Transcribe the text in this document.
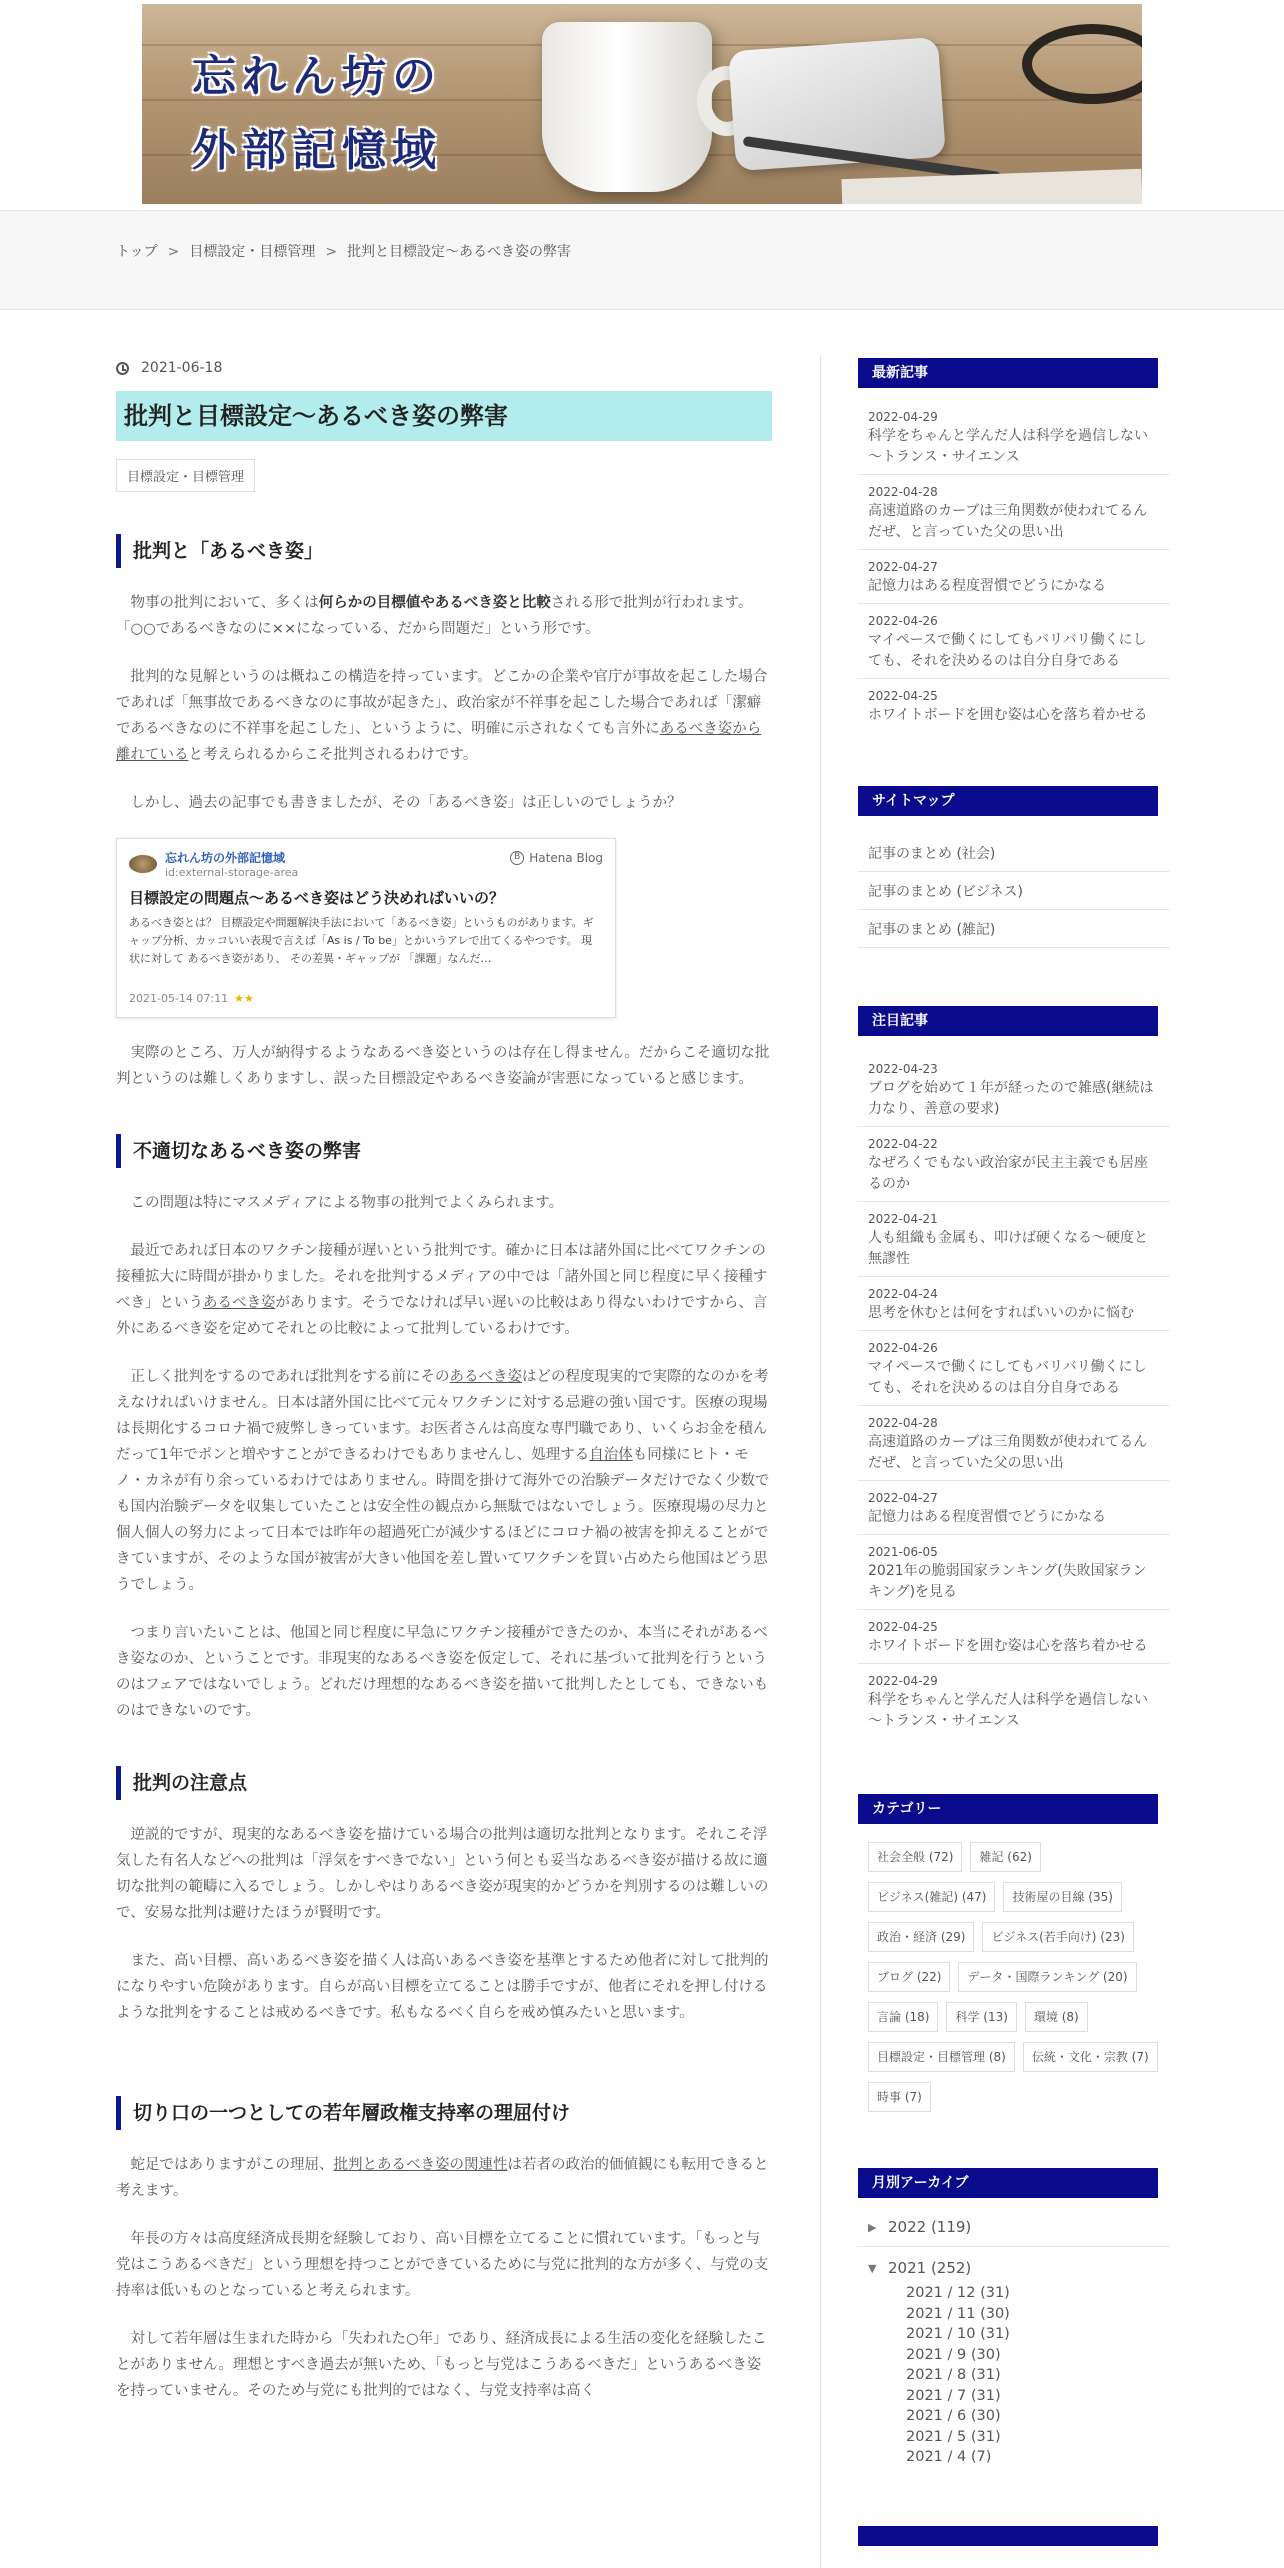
忘れん坊の
外部記憶域
トップ > 目標設定・目標管理 > 批判と目標設定～あるべき姿の弊害
2021-06-18
批判と目標設定～あるべき姿の弊害
目標設定・目標管理
批判と「あるべき姿」

物事の批判において、多くは何らかの目標値やあるべき姿と比較される形で批判が行われます。「○○であるべきなのに××になっている、だから問題だ」という形です。

批判的な見解というのは概ねこの構造を持っています。どこかの企業や官庁が事故を起こした場合であれば「無事故であるべきなのに事故が起きた」、政治家が不祥事を起こした場合であれば「潔癖であるべきなのに不祥事を起こした」、というように、明確に示されなくても言外にあるべき姿から離れていると考えられるからこそ批判されるわけです。

しかし、過去の記事でも書きましたが、その「あるべき姿」は正しいのでしょうか？

忘れん坊の外部記憶域
id:external-storage-area
B Hatena Blog
目標設定の問題点～あるべき姿はどう決めればいいの？
あるべき姿とは？ 目標設定や問題解決手法において「あるべき姿」というものがあります。ギャップ分析、カッコいい表現で言えば「As is / To be」とかいうアレで出てくるやつです。 現状に対して あるべき姿があり、 その差異・ギャップが 「課題」なんだ…
2021-05-14 07:11 ★★

実際のところ、万人が納得するようなあるべき姿というのは存在し得ません。だからこそ適切な批判というのは難しくありますし、誤った目標設定やあるべき姿論が害悪になっていると感じます。

不適切なあるべき姿の弊害

この問題は特にマスメディアによる物事の批判でよくみられます。

最近であれば日本のワクチン接種が遅いという批判です。確かに日本は諸外国に比べてワクチンの接種拡大に時間が掛かりました。それを批判するメディアの中では「諸外国と同じ程度に早く接種すべき」というあるべき姿があります。そうでなければ早い遅いの比較はあり得ないわけですから、言外にあるべき姿を定めてそれとの比較によって批判しているわけです。

正しく批判をするのであれば批判をする前にそのあるべき姿はどの程度現実的で実際的なのかを考えなければいけません。日本は諸外国に比べて元々ワクチンに対する忌避の強い国です。医療の現場は長期化するコロナ禍で疲弊しきっています。お医者さんは高度な専門職であり、いくらお金を積んだって1年でポンと増やすことができるわけでもありませんし、処理する自治体も同様にヒト・モノ・カネが有り余っているわけではありません。時間を掛けて海外での治験データだけでなく少数でも国内治験データを収集していたことは安全性の観点から無駄ではないでしょう。医療現場の尽力と個人個人の努力によって日本では昨年の超過死亡が減少するほどにコロナ禍の被害を抑えることができていますが、そのような国が被害が大きい他国を差し置いてワクチンを買い占めたら他国はどう思うでしょう。

つまり言いたいことは、他国と同じ程度に早急にワクチン接種ができたのか、本当にそれがあるべき姿なのか、ということです。非現実的なあるべき姿を仮定して、それに基づいて批判を行うというのはフェアではないでしょう。どれだけ理想的なあるべき姿を描いて批判したとしても、できないものはできないのです。

批判の注意点

逆説的ですが、現実的なあるべき姿を描けている場合の批判は適切な批判となります。それこそ浮気した有名人などへの批判は「浮気をすべきでない」という何とも妥当なあるべき姿が描ける故に適切な批判の範疇に入るでしょう。しかしやはりあるべき姿が現実的かどうかを判別するのは難しいので、安易な批判は避けたほうが賢明です。

また、高い目標、高いあるべき姿を描く人は高いあるべき姿を基準とするため他者に対して批判的になりやすい危険があります。自らが高い目標を立てることは勝手ですが、他者にそれを押し付けるような批判をすることは戒めるべきです。私もなるべく自らを戒め慎みたいと思います。

切り口の一つとしての若年層政権支持率の理屈付け

蛇足ではありますがこの理屈、批判とあるべき姿の関連性は若者の政治的価値観にも転用できると考えます。

年長の方々は高度経済成長期を経験しており、高い目標を立てることに慣れています。「もっと与党はこうあるべきだ」という理想を持つことができているために与党に批判的な方が多く、与党の支持率は低いものとなっていると考えられます。

対して若年層は生まれた時から「失われた○年」であり、経済成長による生活の変化を経験したことがありません。理想とすべき過去が無いため、「もっと与党はこうあるべきだ」というあるべき姿を持っていません。そのため与党にも批判的ではなく、与党支持率は高く

最新記事
2022-04-29
科学をちゃんと学んだ人は科学を過信しない～トランス・サイエンス
2022-04-28
高速道路のカーブは三角関数が使われてるんだぜ、と言っていた父の思い出
2022-04-27
記憶力はある程度習慣でどうにかなる
2022-04-26
マイペースで働くにしてもバリバリ働くにしても、それを決めるのは自分自身である
2022-04-25
ホワイトボードを囲む姿は心を落ち着かせる
サイトマップ
記事のまとめ (社会)
記事のまとめ (ビジネス)
記事のまとめ (雑記)
注目記事
2022-04-23
ブログを始めて１年が経ったので雑感(継続は力なり、善意の要求)
2022-04-22
なぜろくでもない政治家が民主主義でも居座るのか
2022-04-21
人も組織も金属も、叩けば硬くなる～硬度と無謬性
2022-04-24
思考を休むとは何をすればいいのかに悩む
2022-04-26
マイペースで働くにしてもバリバリ働くにしても、それを決めるのは自分自身である
2022-04-28
高速道路のカーブは三角関数が使われてるんだぜ、と言っていた父の思い出
2022-04-27
記憶力はある程度習慣でどうにかなる
2021-06-05
2021年の脆弱国家ランキング(失敗国家ランキング)を見る
2022-04-25
ホワイトボードを囲む姿は心を落ち着かせる
2022-04-29
科学をちゃんと学んだ人は科学を過信しない～トランス・サイエンス
カテゴリー
社会全般 (72)	雑記 (62)
ビジネス(雑記) (47)	技術屋の目線 (35)
政治・経済 (29)	ビジネス(若手向け) (23)
ブログ (22)	データ・国際ランキング (20)
言論 (18)	科学 (13)	環境 (8)
目標設定・目標管理 (8)	伝統・文化・宗教 (7)
時事 (7)
月別アーカイブ
▶ 2022 (119)
▼ 2021 (252)
2021 / 12 (31)
2021 / 11 (30)
2021 / 10 (31)
2021 / 9 (30)
2021 / 8 (31)
2021 / 7 (31)
2021 / 6 (30)
2021 / 5 (31)
2021 / 4 (7)
